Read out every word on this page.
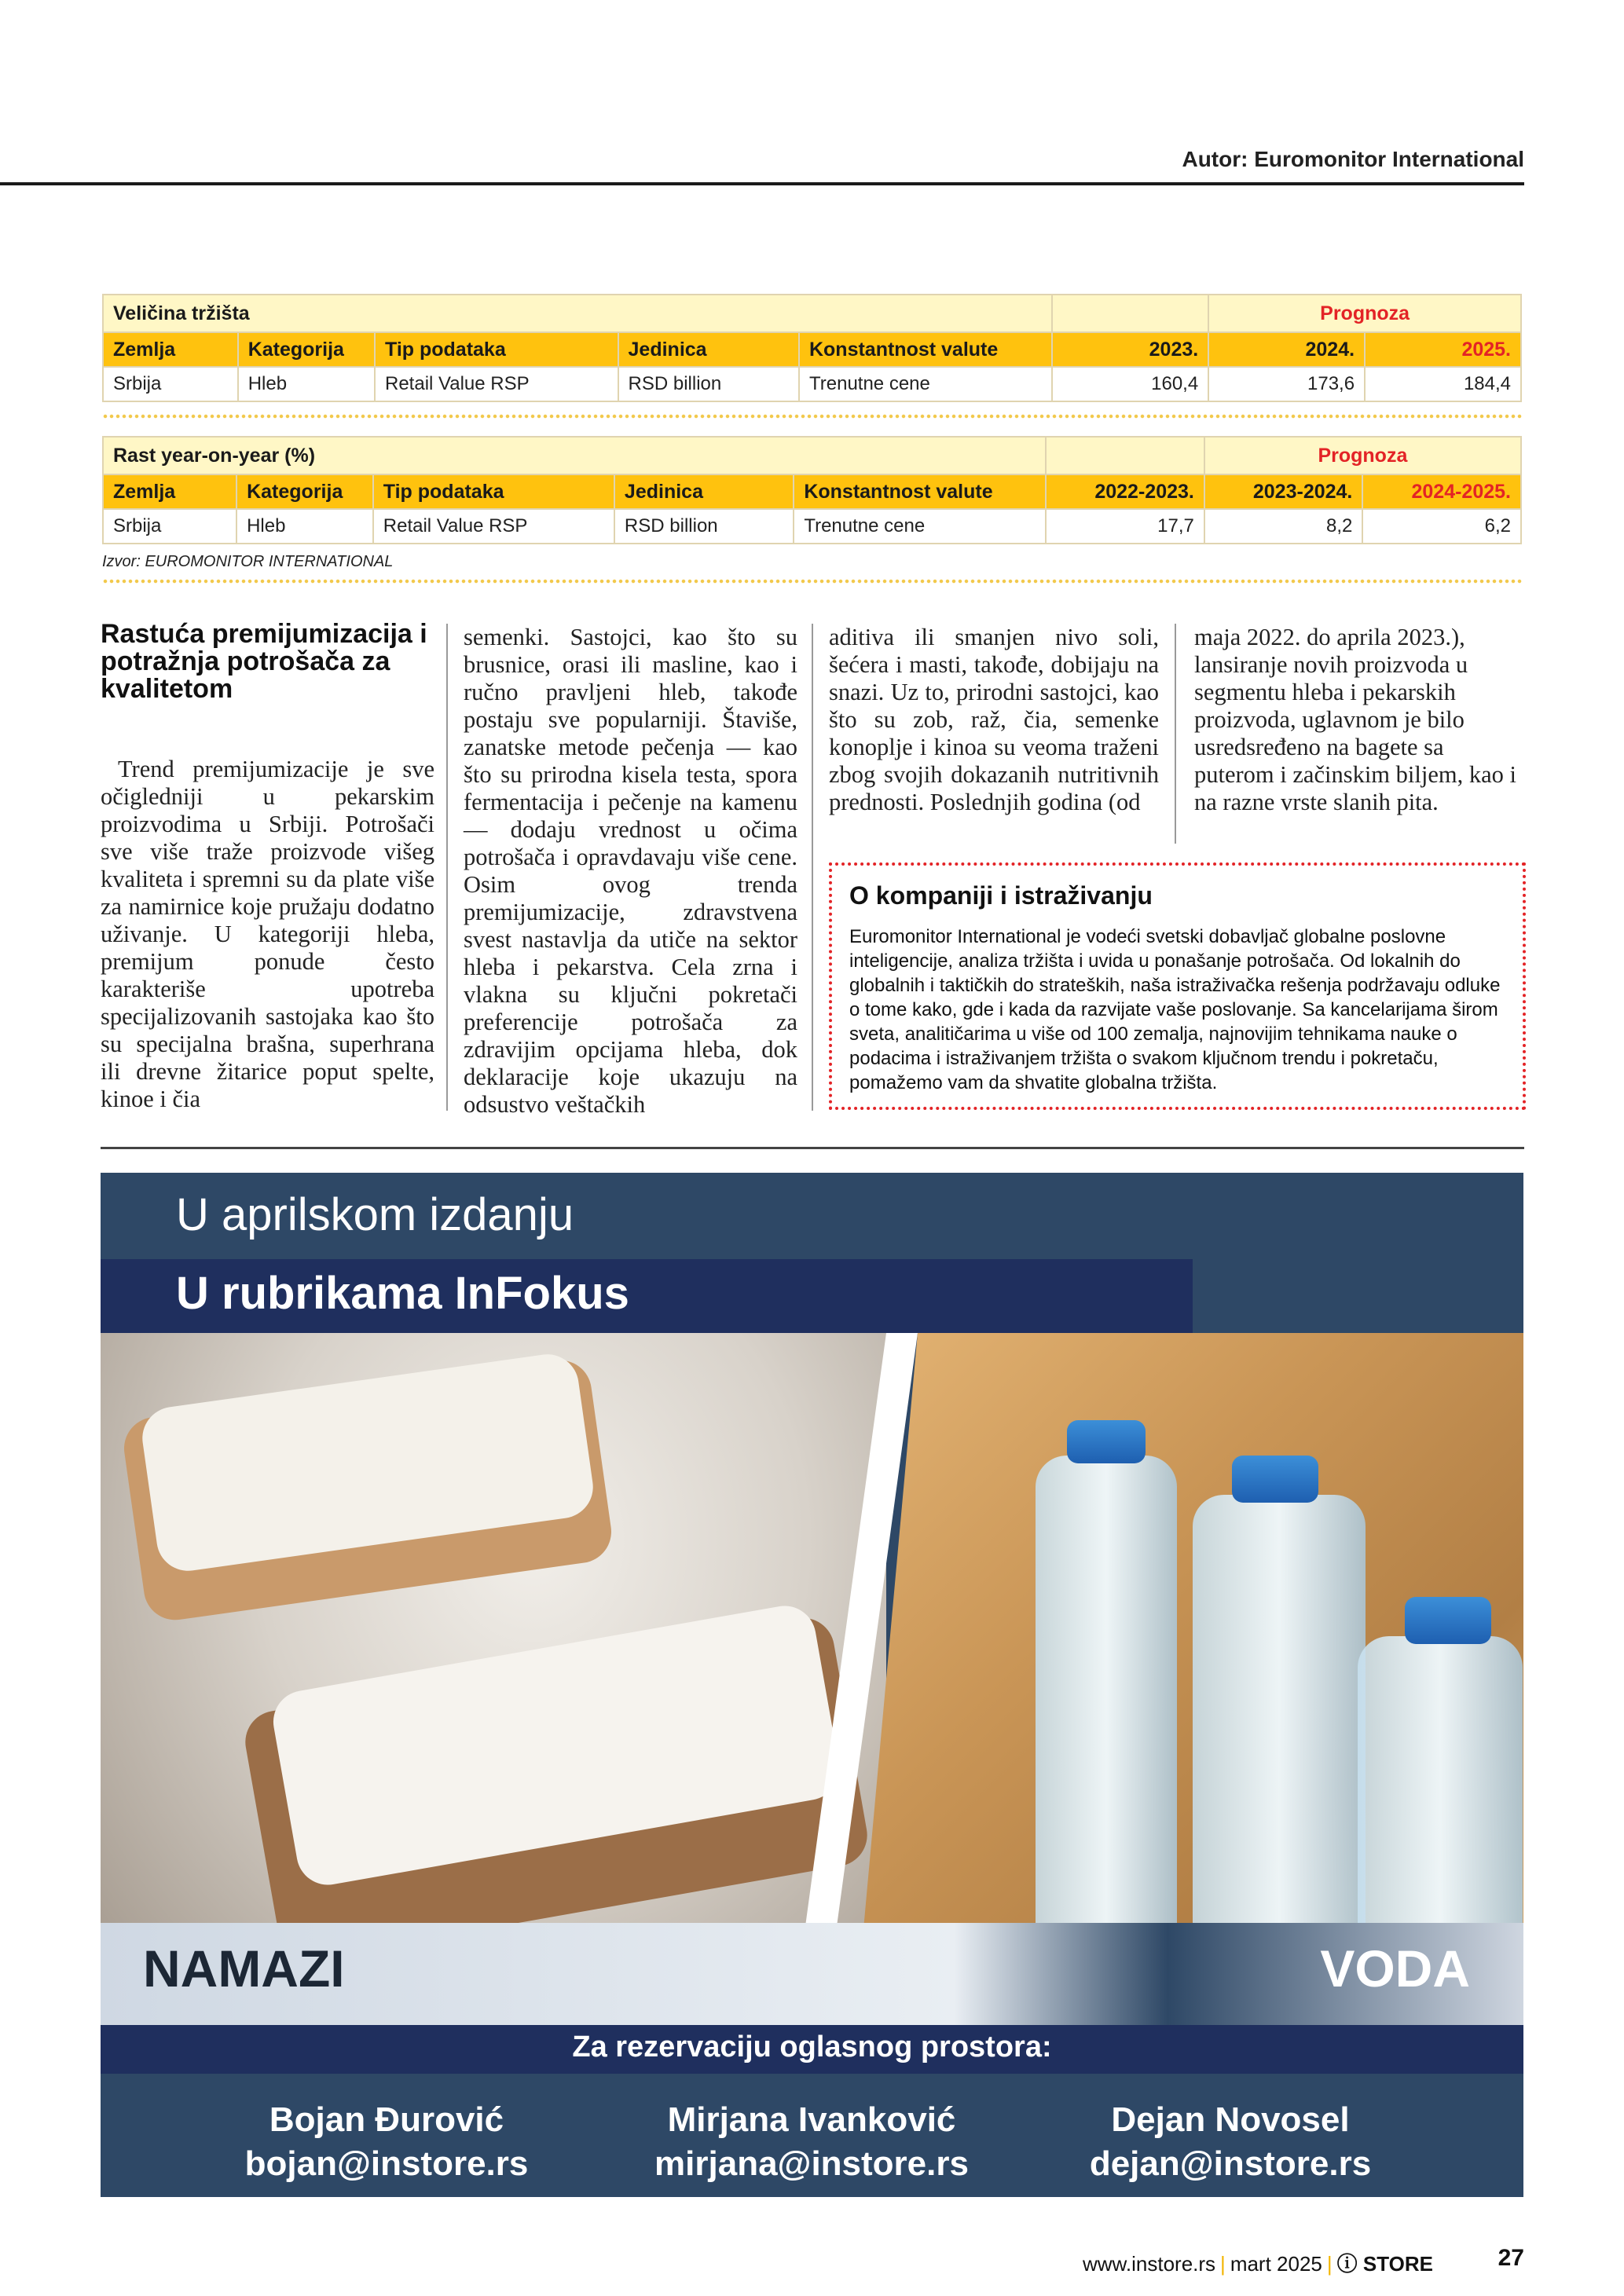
Autor: Euromonitor International
Veličina tržišta						Prognoza	
Zemlja	Kategorija	Tip podataka	Jedinica	Konstantnost valute	2023.	2024.	2025.
Srbija	Hleb	Retail Value RSP	RSD billion	Trenutne cene	160,4	173,6	184,4
Rast year-on-year (%)						Prognoza	
Zemlja	Kategorija	Tip podataka	Jedinica	Konstantnost valute	2022-2023.	2023-2024.	2024-2025.
Srbija	Hleb	Retail Value RSP	RSD billion	Trenutne cene	17,7	8,2	6,2
Izvor: EUROMONITOR INTERNATIONAL
Rastuća premijumizacija i potražnja potrošača za kvalitetom
Trend premijumizacije je sve očigledniji u pekarskim proizvodima u Srbiji. Potrošači sve više traže proizvode višeg kvaliteta i spremni su da plate više za namirnice koje pružaju dodatno uživanje. U kategoriji hleba, premijum ponude često karakteriše upotreba specijalizovanih sastojaka kao što su specijalna brašna, superhrana ili drevne žitarice poput spelte, kinoe i čia
semenki. Sastojci, kao što su brusnice, orasi ili masline, kao i ručno pravljeni hleb, takođe postaju sve popularniji. Štaviše, zanatske metode pečenja — kao što su prirodna kisela testa, spora fermentacija i pečenje na kamenu — dodaju vrednost u očima potrošača i opravdavaju više cene. Osim ovog trenda premijumizacije, zdravstvena svest nastavlja da utiče na sektor hleba i pekarstva. Cela zrna i vlakna su ključni pokretači preferencije potrošača za zdravijim opcijama hleba, dok deklaracije koje ukazuju na odsustvo veštačkih
aditiva ili smanjen nivo soli, šećera i masti, takođe, dobijaju na snazi. Uz to, prirodni sastojci, kao što su zob, raž, čia, semenke konoplje i kinoa su veoma traženi zbog svojih dokazanih nutritivnih prednosti. Poslednjih godina (od
maja 2022. do aprila 2023.), lansiranje novih proizvoda u segmentu hleba i pekarskih proizvoda, uglavnom je bilo usredsređeno na bagete sa puterom i začinskim biljem, kao i na razne vrste slanih pita.
O kompaniji i istraživanju
Euromonitor International je vodeći svetski dobavljač globalne poslovne inteligencije, analiza tržišta i uvida u ponašanje potrošača. Od lokalnih do globalnih i taktičkih do strateških, naša istraživačka rešenja podržavaju odluke o tome kako, gde i kada da razvijate vaše poslovanje. Sa kancelarijama širom sveta, analitičarima u više od 100 zemalja, najnovijim tehnikama nauke o podacima i istraživanjem tržišta o svakom ključnom trendu i pokretaču, pomažemo vam da shvatite globalna tržišta.
U aprilskom izdanju
U rubrikama InFokus
NAMAZI	VODA
Za rezervaciju oglasnog prostora:
Bojan Đurović
bojan@instore.rs
Mirjana Ivanković
mirjana@instore.rs
Dejan Novosel
dejan@instore.rs
www.instore.rs | mart 2025 | ⓘ STORE	27
